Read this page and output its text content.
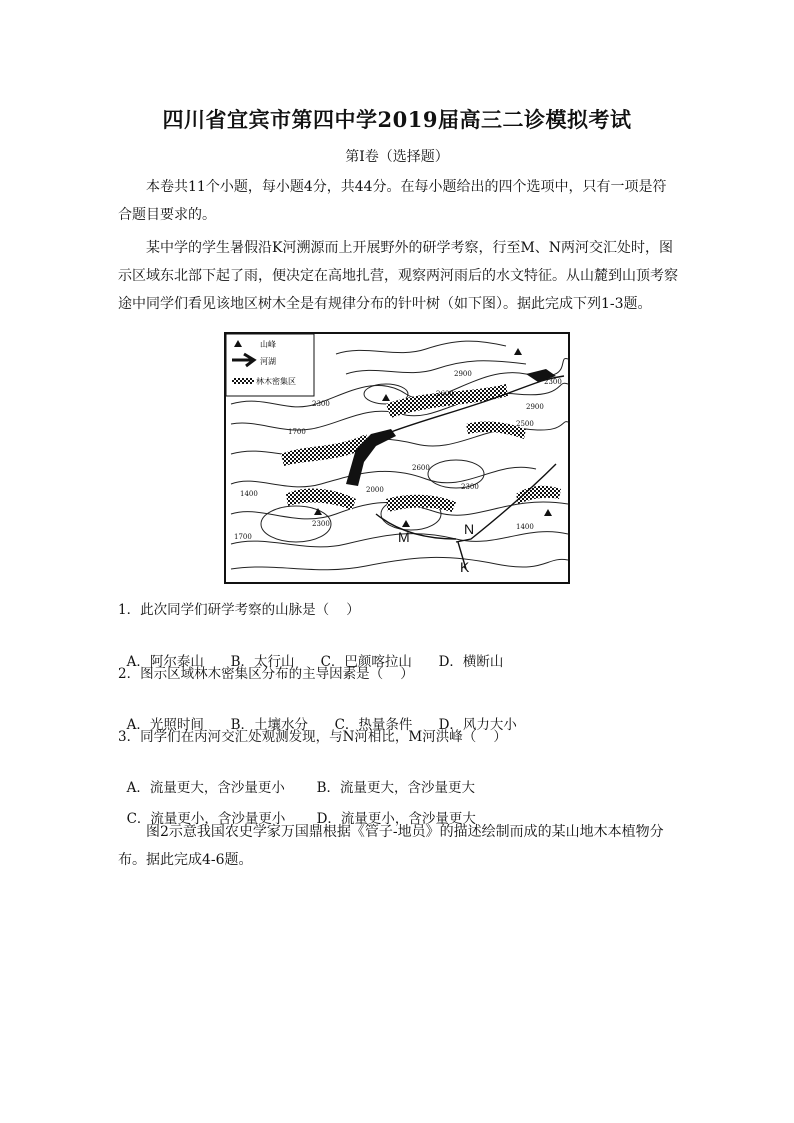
四川省宜宾市第四中学2019届高三二诊模拟考试
第Ⅰ卷（选择题）

本卷共11个小题，每小题4分，共44分。在每小题给出的四个选项中，只有一项是符合题目要求的。

某中学的学生暑假沿K河溯源而上开展野外的研学考察，行至M、N两河交汇处时，图示区域东北部下起了雨，便决定在高地扎营，观察两河雨后的水文特征。从山麓到山顶考察途中同学们看见该地区树木全是有规律分布的针叶树（如下图）。据此完成下列1-3题。

山峰
河湖
林木密集区
2300
1700
1400
2300
1700
2000
2600
2300
1400
2900
2600
2500
2900
2300
M	N
K
1．此次同学们研学考察的山脉是（    ）

A．阿尔泰山 B．太行山 C．巴颜喀拉山 D．横断山

2．图示区域林木密集区分布的主导因素是（    ）

A．光照时间 B．土壤水分 C．热量条件 D．风力大小

3．同学们在丙河交汇处观测发现，与N河相比，M河洪峰（    ）

A．流量更大，含沙量更小 B．流量更大，含沙量更大

C．流量更小，含沙量更小 D．流量更小，含沙量更大

图2示意我国农史学家万国鼎根据《管子-地员》的描述绘制而成的某山地木本植物分布。据此完成4-6题。
